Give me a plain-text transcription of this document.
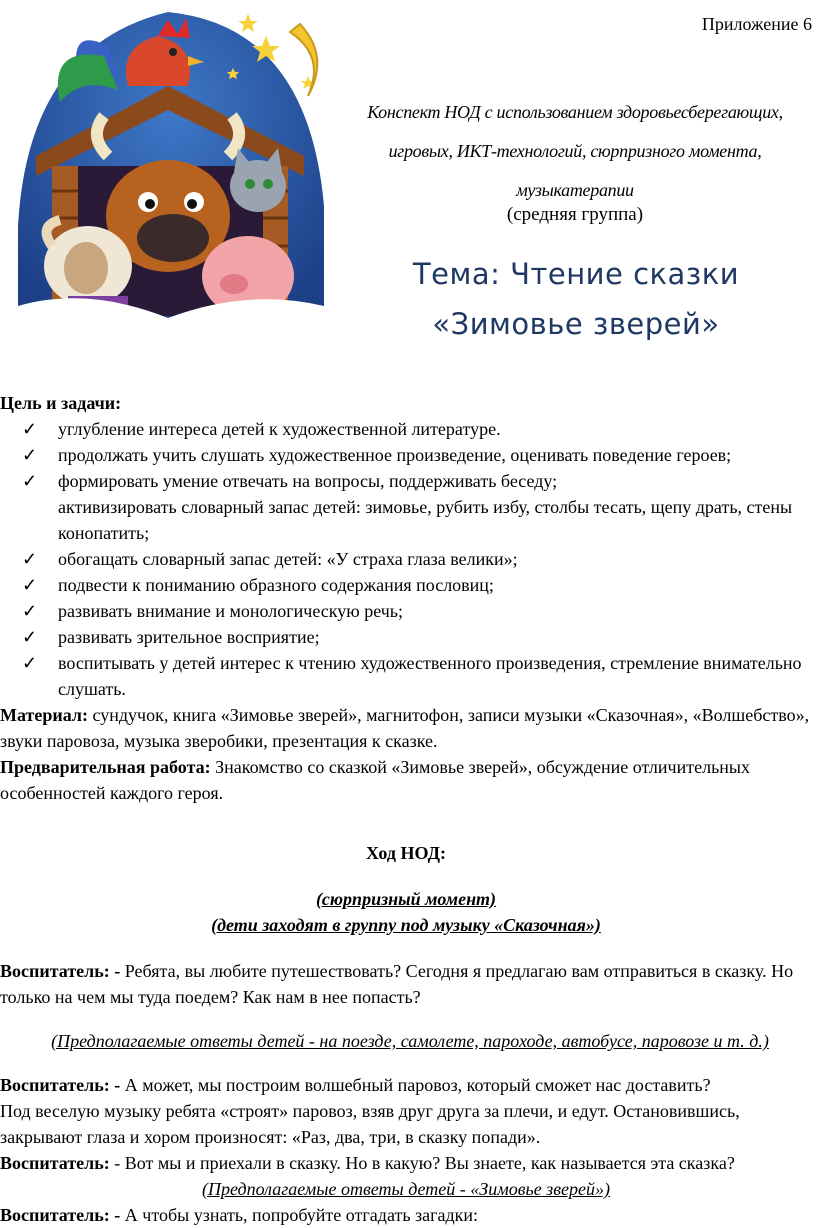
Приложение 6
Конспект НОД с использованием здоровьесберегающих,
игровых, ИКТ-технологий, сюрпризного момента,
музыкатерапии
(средняя группа)
Тема: Чтение сказки
«Зимовье зверей»

Цель и задачи:

✓ углубление интереса детей к художественной литературе.
✓ продолжать учить слушать художественное произведение, оценивать поведение героев;
✓ формировать умение отвечать на вопросы, поддерживать беседу;
активизировать словарный запас детей: зимовье, рубить избу, столбы тесать, щепу драть, стены конопатить;
✓ обогащать словарный запас детей: «У страха глаза велики»;
✓ подвести к пониманию образного содержания пословиц;
✓ развивать внимание и монологическую речь;
✓ развивать зрительное восприятие;
✓ воспитывать у детей интерес к чтению художественного произведения, стремление внимательно слушать.

Материал: сундучок, книга «Зимовье зверей», магнитофон, записи музыки «Сказочная», «Волшебство», звуки паровоза, музыка зверобики, презентация к сказке.

Предварительная работа: Знакомство со сказкой «Зимовье зверей», обсуждение отличительных особенностей каждого героя.

Ход НОД:

(сюрпризный момент)

(дети заходят в группу под музыку «Сказочная»)

Воспитатель: - Ребята, вы любите путешествовать? Сегодня я предлагаю вам отправиться в сказку. Но только на чем мы туда поедем? Как нам в нее попасть?

(Предполагаемые ответы детей - на поезде, самолете, пароходе, автобусе, паровозе и т. д.)

Воспитатель: - А может, мы построим волшебный паровоз, который сможет нас доставить?

Под веселую музыку ребята «строят» паровоз, взяв друг друга за плечи, и едут. Остановившись, закрывают глаза и хором произносят: «Раз, два, три, в сказку попади».

Воспитатель: - Вот мы и приехали в сказку. Но в какую? Вы знаете, как называется эта сказка?

(Предполагаемые ответы детей - «Зимовье зверей»)

Воспитатель: - А чтобы узнать, попробуйте отгадать загадки:
